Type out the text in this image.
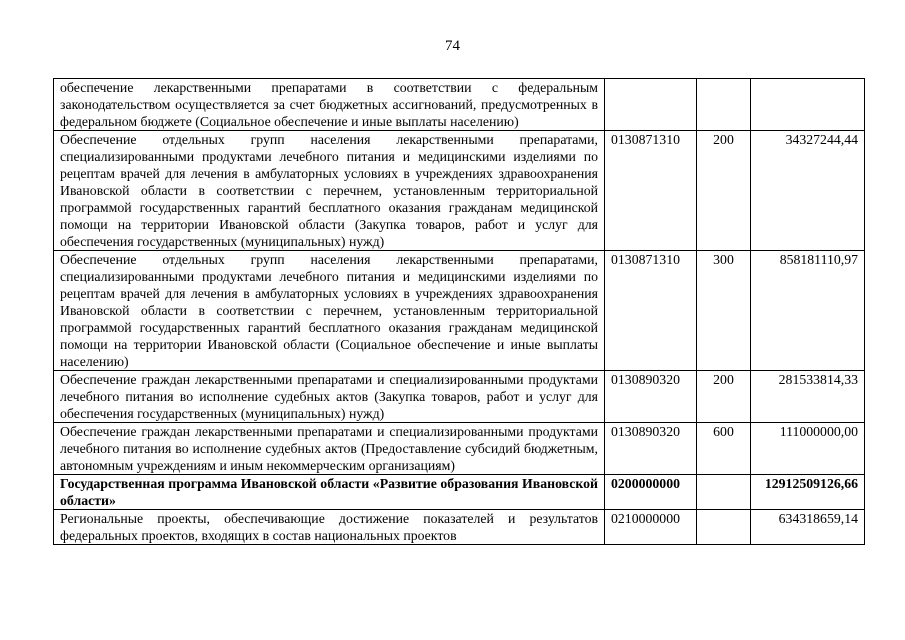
74
обеспечение лекарственными препаратами в соответствии с федеральным законодательством осуществляется за счет бюджетных ассигнований, предусмотренных в федеральном бюджете (Социальное обеспечение и иные выплаты населению)			
Обеспечение отдельных групп населения лекарственными препаратами, специализированными продуктами лечебного питания и медицинскими изделиями по рецептам врачей для лечения в амбулаторных условиях в учреждениях здравоохранения Ивановской области в соответствии с перечнем, установленным территориальной программой государственных гарантий бесплатного оказания гражданам медицинской помощи на территории Ивановской области (Закупка товаров, работ и услуг для обеспечения государственных (муниципальных) нужд)	0130871310	200	34327244,44
Обеспечение отдельных групп населения лекарственными препаратами, специализированными продуктами лечебного питания и медицинскими изделиями по рецептам врачей для лечения в амбулаторных условиях в учреждениях здравоохранения Ивановской области в соответствии с перечнем, установленным территориальной программой государственных гарантий бесплатного оказания гражданам медицинской помощи на территории Ивановской области (Социальное обеспечение и иные выплаты населению)	0130871310	300	858181110,97
Обеспечение граждан лекарственными препаратами и специализированными продуктами лечебного питания во исполнение судебных актов (Закупка товаров, работ и услуг для обеспечения государственных (муниципальных) нужд)	0130890320	200	281533814,33
Обеспечение граждан лекарственными препаратами и специализированными продуктами лечебного питания во исполнение судебных актов (Предоставление субсидий бюджетным, автономным учреждениям и иным некоммерческим организациям)	0130890320	600	111000000,00
Государственная программа Ивановской области «Развитие образования Ивановской области»	0200000000		12912509126,66
Региональные проекты, обеспечивающие достижение показателей и результатов федеральных проектов, входящих в состав национальных проектов	0210000000		634318659,14
